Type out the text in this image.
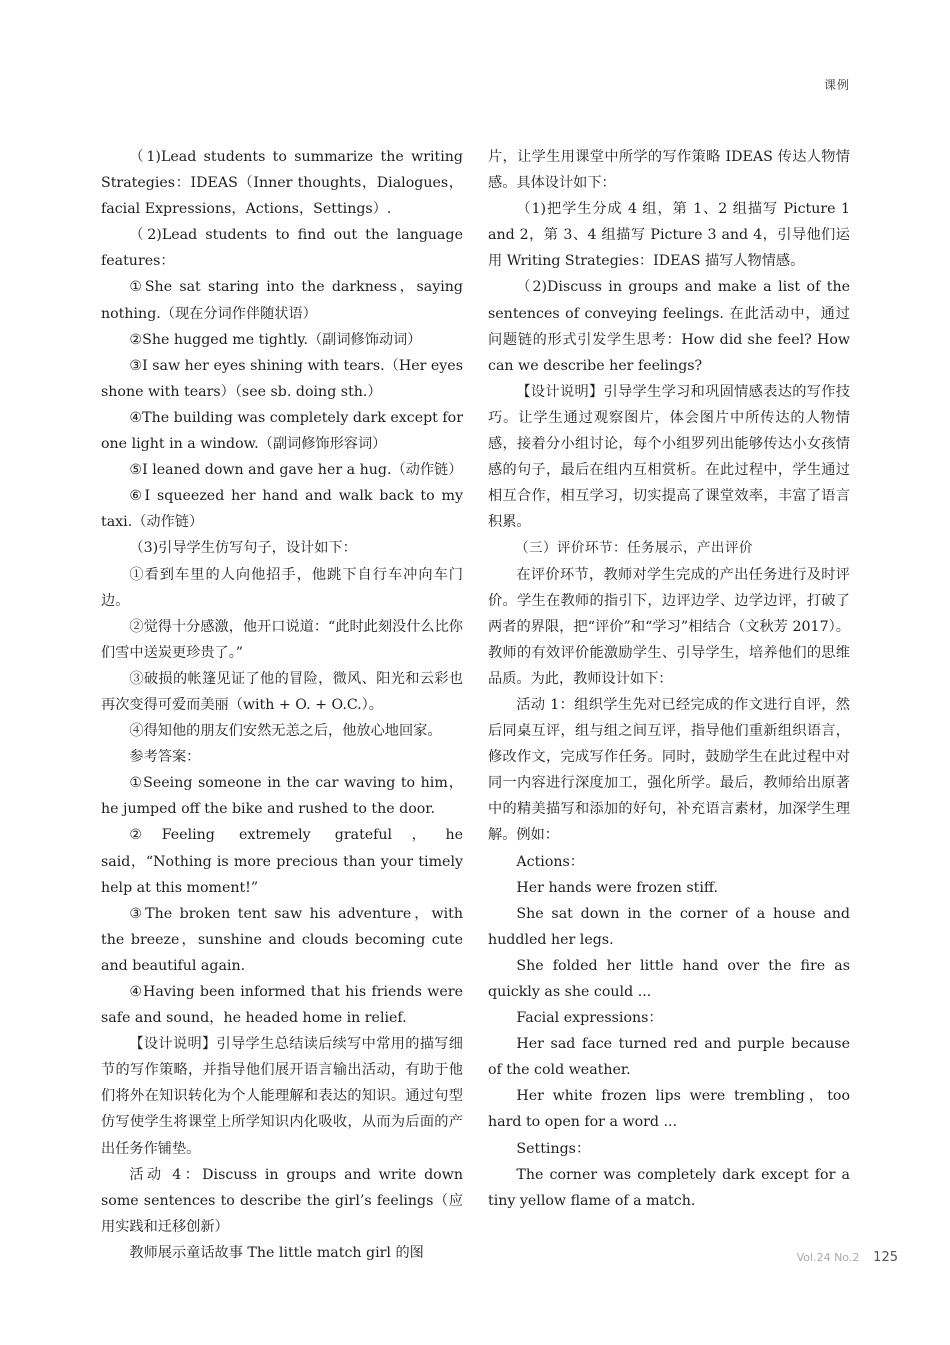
课例

（1)Lead students to summarize the writing Strategies：IDEAS（Inner thoughts，Dialogues，facial Expressions，Actions，Settings）.

（2)Lead students to find out the language features：

①She sat staring into the darkness，saying nothing.（现在分词作伴随状语）

②She hugged me tightly.（副词修饰动词）

③I saw her eyes shining with tears.（Her eyes shone with tears）（see sb. doing sth.）

④The building was completely dark except for one light in a window.（副词修饰形容词）

⑤I leaned down and gave her a hug.（动作链）

⑥I squeezed her hand and walk back to my taxi.（动作链）

（3)引导学生仿写句子，设计如下：

①看到车里的人向他招手，他跳下自行车冲向车门边。

②觉得十分感激，他开口说道：“此时此刻没什么比你们雪中送炭更珍贵了。”

③破损的帐篷见证了他的冒险，微风、阳光和云彩也再次变得可爱而美丽（with + O. + O.C.）。

④得知他的朋友们安然无恙之后，他放心地回家。

参考答案：

①Seeing someone in the car waving to him，he jumped off the bike and rushed to the door.

②Feeling extremely grateful，he said，“Nothing is more precious than your timely help at this moment!”

③The broken tent saw his adventure，with the breeze，sunshine and clouds becoming cute and beautiful again.

④Having been informed that his friends were safe and sound，he headed home in relief.

【设计说明】引导学生总结读后续写中常用的描写细节的写作策略，并指导他们展开语言输出活动，有助于他们将外在知识转化为个人能理解和表达的知识。通过句型仿写使学生将课堂上所学知识内化吸收，从而为后面的产出任务作铺垫。

活动 4：Discuss in groups and write down some sentences to describe the girl’s feelings（应用实践和迁移创新）

教师展示童话故事 The little match girl 的图

片，让学生用课堂中所学的写作策略 IDEAS 传达人物情感。具体设计如下：

（1)把学生分成 4 组，第 1、2 组描写 Picture 1 and 2，第 3、4 组描写 Picture 3 and 4，引导他们运用 Writing Strategies：IDEAS 描写人物情感。

（2)Discuss in groups and make a list of the sentences of conveying feelings. 在此活动中，通过问题链的形式引发学生思考：How did she feel? How can we describe her feelings?

【设计说明】引导学生学习和巩固情感表达的写作技巧。让学生通过观察图片，体会图片中所传达的人物情感，接着分小组讨论，每个小组罗列出能够传达小女孩情感的句子，最后在组内互相赏析。在此过程中，学生通过相互合作，相互学习，切实提高了课堂效率，丰富了语言积累。

（三）评价环节：任务展示，产出评价

在评价环节，教师对学生完成的产出任务进行及时评价。学生在教师的指引下，边评边学、边学边评，打破了两者的界限，把“评价”和“学习”相结合（文秋芳 2017）。教师的有效评价能激励学生、引导学生，培养他们的思维品质。为此，教师设计如下：

活动 1：组织学生先对已经完成的作文进行自评，然后同桌互评，组与组之间互评，指导他们重新组织语言，修改作文，完成写作任务。同时，鼓励学生在此过程中对同一内容进行深度加工，强化所学。最后，教师给出原著中的精美描写和添加的好句，补充语言素材，加深学生理解。例如：

Actions：

Her hands were frozen stiff.

She sat down in the corner of a house and huddled her legs.

She folded her little hand over the fire as quickly as she could ...

Facial expressions：

Her sad face turned red and purple because of the cold weather.

Her white frozen lips were trembling，too hard to open for a word ...

Settings：

The corner was completely dark except for a tiny yellow flame of a match.

Vol.24 No.2 125
